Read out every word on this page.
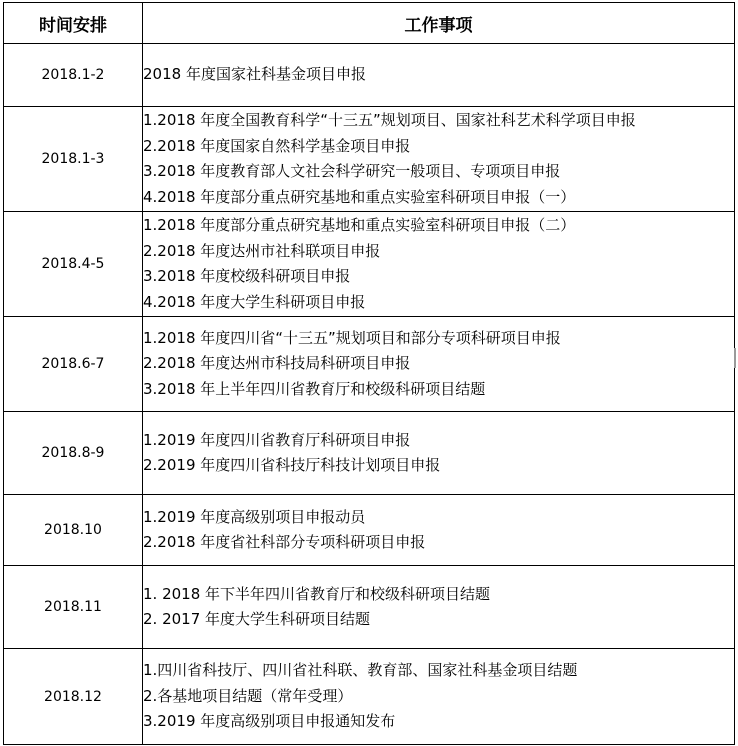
时间安排	工作事项
2018.1-2	2018 年度国家社科基金项目申报

2018.1-3	1.2018 年度全国教育科学“十三五”规划项目、国家社科艺术科学项目申报
2.2018 年度国家自然科学基金项目申报
3.2018 年度教育部人文社会科学研究一般项目、专项项目申报
4.2018 年度部分重点研究基地和重点实验室科研项目申报（一）

2018.4-5	1.2018 年度部分重点研究基地和重点实验室科研项目申报（二）
2.2018 年度达州市社科联项目申报
3.2018 年度校级科研项目申报
4.2018 年度大学生科研项目申报

2018.6-7	1.2018 年度四川省“十三五”规划项目和部分专项科研项目申报
2.2018 年度达州市科技局科研项目申报
3.2018 年上半年四川省教育厅和校级科研项目结题

2018.8-9	1.2019 年度四川省教育厅科研项目申报
2.2019 年度四川省科技厅科技计划项目申报

2018.10	1.2019 年度高级别项目申报动员
2.2018 年度省社科部分专项科研项目申报

2018.11	1. 2018 年下半年四川省教育厅和校级科研项目结题
2. 2017 年度大学生科研项目结题

2018.12	1.四川省科技厅、四川省社科联、教育部、国家社科基金项目结题
2.各基地项目结题（常年受理）
3.2019 年度高级别项目申报通知发布
